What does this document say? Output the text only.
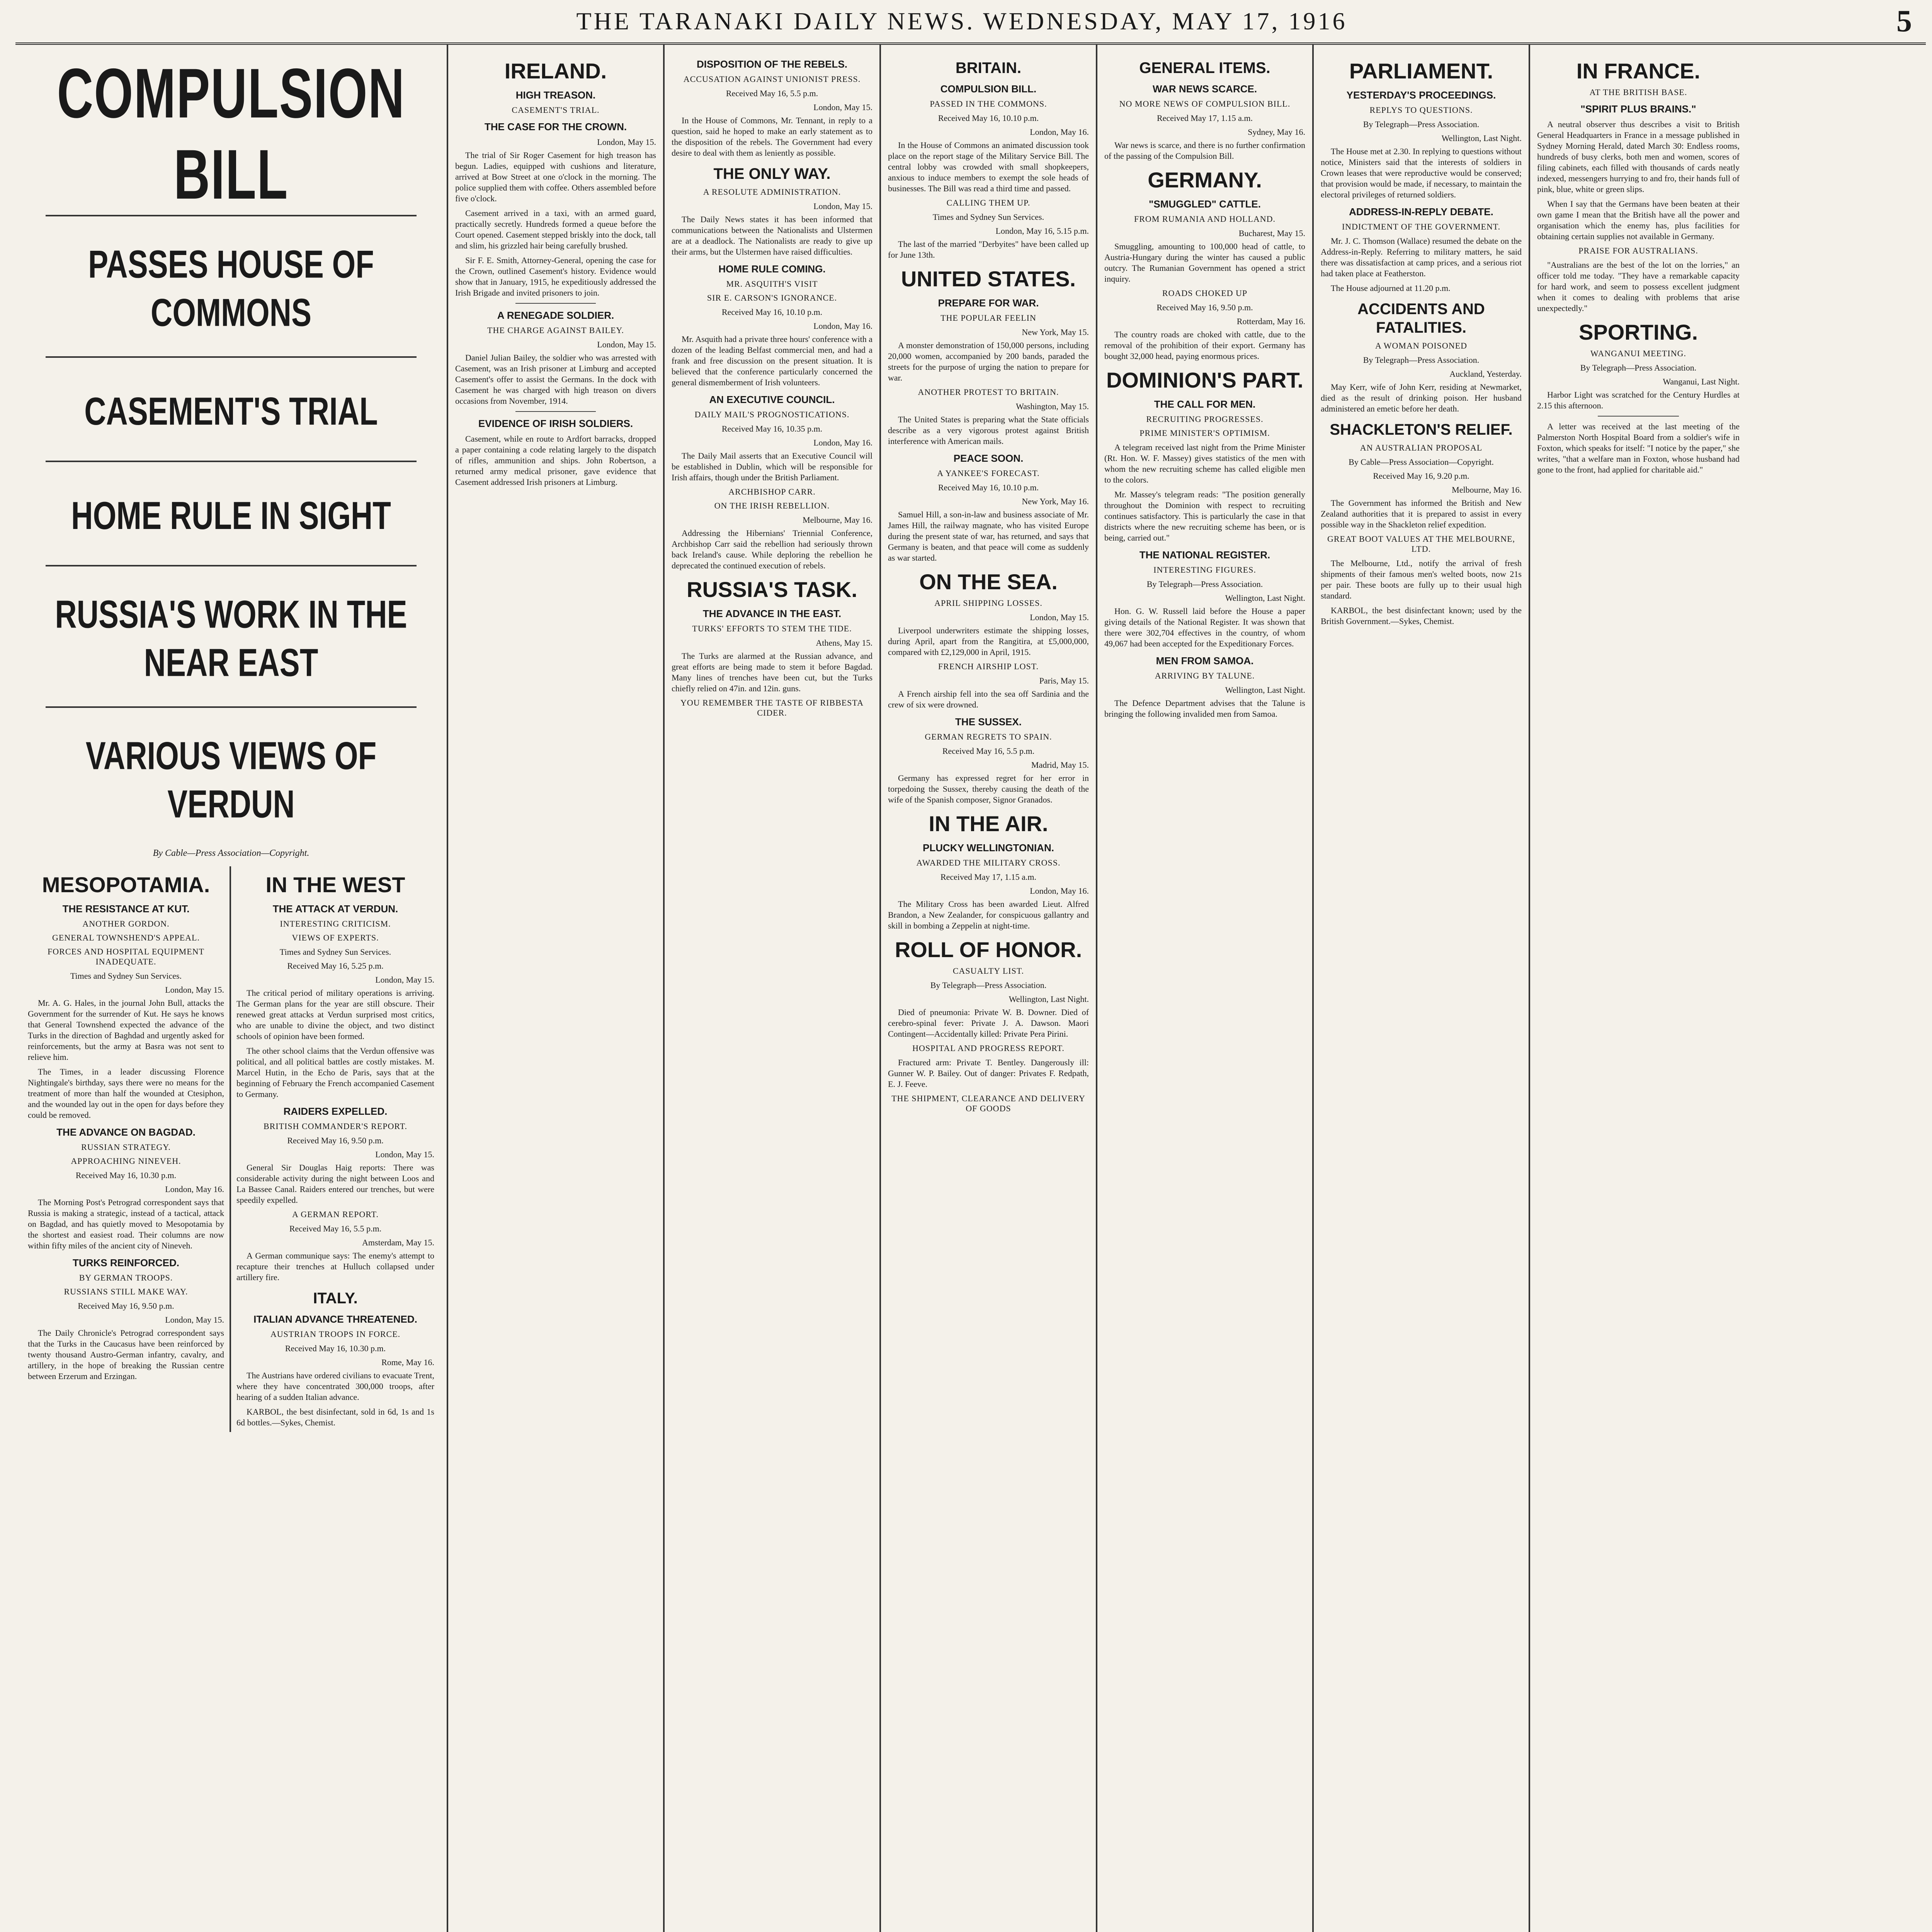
THE TARANAKI DAILY NEWS. WEDNESDAY, MAY 17, 1916	5
COMPULSION BILL
PASSES HOUSE OF COMMONS
CASEMENT'S TRIAL
HOME RULE IN SIGHT
RUSSIA'S WORK IN THE NEAR EAST
VARIOUS VIEWS OF VERDUN
By Cable—Press Association—Copyright.
MESOPOTAMIA.
THE RESISTANCE AT KUT.
ANOTHER GORDON.
GENERAL TOWNSHEND'S APPEAL.
FORCES AND HOSPITAL EQUIPMENT INADEQUATE.
Times and Sydney Sun Services.
London, May 15.

Mr. A. G. Hales, in the journal John Bull, attacks the Government for the surrender of Kut. He says he knows that General Townshend expected the advance of the Turks in the direction of Baghdad and urgently asked for reinforcements, but the army at Basra was not sent to relieve him.

The Times, in a leader discussing Florence Nightingale's birthday, says there were no means for the treatment of more than half the wounded at Ctesiphon, and the wounded lay out in the open for days before they could be removed.

THE ADVANCE ON BAGDAD.
RUSSIAN STRATEGY.
APPROACHING NINEVEH.
Received May 16, 10.30 p.m.
London, May 16.

The Morning Post's Petrograd correspondent says that Russia is making a strategic, instead of a tactical, attack on Bagdad, and has quietly moved to Mesopotamia by the shortest and easiest road. Their columns are now within fifty miles of the ancient city of Nineveh.

TURKS REINFORCED.
BY GERMAN TROOPS.
RUSSIANS STILL MAKE WAY.
Received May 16, 9.50 p.m.
London, May 15.

The Daily Chronicle's Petrograd correspondent says that the Turks in the Caucasus have been reinforced by twenty thousand Austro-German infantry, cavalry, and artillery, in the hope of breaking the Russian centre between Erzerum and Erzingan.

IN THE WEST
THE ATTACK AT VERDUN.
INTERESTING CRITICISM.
VIEWS OF EXPERTS.
Times and Sydney Sun Services.
Received May 16, 5.25 p.m.
London, May 15.

The critical period of military operations is arriving. The German plans for the year are still obscure. Their renewed great attacks at Verdun surprised most critics, who are unable to divine the object, and two distinct schools of opinion have been formed.

The other school claims that the Verdun offensive was political, and all political battles are costly mistakes. M. Marcel Hutin, in the Echo de Paris, says that at the beginning of February the French accompanied Casement to Germany.

RAIDERS EXPELLED.
BRITISH COMMANDER'S REPORT.
Received May 16, 9.50 p.m.
London, May 15.

General Sir Douglas Haig reports: There was considerable activity during the night between Loos and La Bassee Canal. Raiders entered our trenches, but were speedily expelled.

A GERMAN REPORT.
Received May 16, 5.5 p.m.
Amsterdam, May 15.

A German communique says: The enemy's attempt to recapture their trenches at Hulluch collapsed under artillery fire.

ITALY.
ITALIAN ADVANCE THREATENED.
AUSTRIAN TROOPS IN FORCE.
Received May 16, 10.30 p.m.
Rome, May 16.

The Austrians have ordered civilians to evacuate Trent, where they have concentrated 300,000 troops, after hearing of a sudden Italian advance.

KARBOL, the best disinfectant, sold in 6d, 1s and 1s 6d bottles.—Sykes, Chemist.

IRELAND.
HIGH TREASON.
CASEMENT'S TRIAL.
THE CASE FOR THE CROWN.
London, May 15.

The trial of Sir Roger Casement for high treason has begun. Ladies, equipped with cushions and literature, arrived at Bow Street at one o'clock in the morning. The police supplied them with coffee. Others assembled before five o'clock.

Casement arrived in a taxi, with an armed guard, practically secretly. Hundreds formed a queue before the Court opened. Casement stepped briskly into the dock, tall and slim, his grizzled hair being carefully brushed.

Sir F. E. Smith, Attorney-General, opening the case for the Crown, outlined Casement's history. Evidence would show that in January, 1915, he expeditiously addressed the Irish Brigade and invited prisoners to join.

A RENEGADE SOLDIER.
THE CHARGE AGAINST BAILEY.
London, May 15.

Daniel Julian Bailey, the soldier who was arrested with Casement, was an Irish prisoner at Limburg and accepted Casement's offer to assist the Germans. In the dock with Casement he was charged with high treason on divers occasions from November, 1914.

EVIDENCE OF IRISH SOLDIERS.

Casement, while en route to Ardfort barracks, dropped a paper containing a code relating largely to the dispatch of rifles, ammunition and ships. John Robertson, a returned army medical prisoner, gave evidence that Casement addressed Irish prisoners at Limburg.

DISPOSITION OF THE REBELS.
ACCUSATION AGAINST UNIONIST PRESS.
Received May 16, 5.5 p.m.
London, May 15.

In the House of Commons, Mr. Tennant, in reply to a question, said he hoped to make an early statement as to the disposition of the rebels. The Government had every desire to deal with them as leniently as possible.

THE ONLY WAY.
A RESOLUTE ADMINISTRATION.
London, May 15.

The Daily News states it has been informed that communications between the Nationalists and Ulstermen are at a deadlock. The Nationalists are ready to give up their arms, but the Ulstermen have raised difficulties.

HOME RULE COMING.
MR. ASQUITH'S VISIT
SIR E. CARSON'S IGNORANCE.
Received May 16, 10.10 p.m.
London, May 16.

Mr. Asquith had a private three hours' conference with a dozen of the leading Belfast commercial men, and had a frank and free discussion on the present situation. It is believed that the conference particularly concerned the general dismemberment of Irish volunteers.

AN EXECUTIVE COUNCIL.
DAILY MAIL'S PROGNOSTICATIONS.
Received May 16, 10.35 p.m.
London, May 16.

The Daily Mail asserts that an Executive Council will be established in Dublin, which will be responsible for Irish affairs, though under the British Parliament.

ARCHBISHOP CARR.
ON THE IRISH REBELLION.
Melbourne, May 16.

Addressing the Hibernians' Triennial Conference, Archbishop Carr said the rebellion had seriously thrown back Ireland's cause. While deploring the rebellion he deprecated the continued execution of rebels.

RUSSIA'S TASK.
THE ADVANCE IN THE EAST.
TURKS' EFFORTS TO STEM THE TIDE.
Athens, May 15.

The Turks are alarmed at the Russian advance, and great efforts are being made to stem it before Bagdad. Many lines of trenches have been cut, but the Turks chiefly relied on 47in. and 12in. guns.

YOU REMEMBER THE TASTE OF RIBBESTA CIDER.
BRITAIN.
COMPULSION BILL.
PASSED IN THE COMMONS.
Received May 16, 10.10 p.m.
London, May 16.

In the House of Commons an animated discussion took place on the report stage of the Military Service Bill. The central lobby was crowded with small shopkeepers, anxious to induce members to exempt the sole heads of businesses. The Bill was read a third time and passed.

CALLING THEM UP.
Times and Sydney Sun Services.
London, May 16, 5.15 p.m.

The last of the married "Derbyites" have been called up for June 13th.

UNITED STATES.
PREPARE FOR WAR.
THE POPULAR FEELIN
New York, May 15.

A monster demonstration of 150,000 persons, including 20,000 women, accompanied by 200 bands, paraded the streets for the purpose of urging the nation to prepare for war.

ANOTHER PROTEST TO BRITAIN.
Washington, May 15.

The United States is preparing what the State officials describe as a very vigorous protest against British interference with American mails.

PEACE SOON.
A YANKEE'S FORECAST.
Received May 16, 10.10 p.m.
New York, May 16.

Samuel Hill, a son-in-law and business associate of Mr. James Hill, the railway magnate, who has visited Europe during the present state of war, has returned, and says that Germany is beaten, and that peace will come as suddenly as war started.

ON THE SEA.
APRIL SHIPPING LOSSES.
London, May 15.

Liverpool underwriters estimate the shipping losses, during April, apart from the Rangitira, at £5,000,000, compared with £2,129,000 in April, 1915.

FRENCH AIRSHIP LOST.
Paris, May 15.

A French airship fell into the sea off Sardinia and the crew of six were drowned.

THE SUSSEX.
GERMAN REGRETS TO SPAIN.
Received May 16, 5.5 p.m.
Madrid, May 15.

Germany has expressed regret for her error in torpedoing the Sussex, thereby causing the death of the wife of the Spanish composer, Signor Granados.

IN THE AIR.
PLUCKY WELLINGTONIAN.
AWARDED THE MILITARY CROSS.
Received May 17, 1.15 a.m.
London, May 16.

The Military Cross has been awarded Lieut. Alfred Brandon, a New Zealander, for conspicuous gallantry and skill in bombing a Zeppelin at night-time.

ROLL OF HONOR.
CASUALTY LIST.
By Telegraph—Press Association.
Wellington, Last Night.

Died of pneumonia: Private W. B. Downer. Died of cerebro-spinal fever: Private J. A. Dawson. Maori Contingent—Accidentally killed: Private Pera Pirini.

HOSPITAL AND PROGRESS REPORT.

Fractured arm: Private T. Bentley. Dangerously ill: Gunner W. P. Bailey. Out of danger: Privates F. Redpath, E. J. Feeve.

THE SHIPMENT, CLEARANCE AND DELIVERY OF GOODS
GENERAL ITEMS.
WAR NEWS SCARCE.
NO MORE NEWS OF COMPULSION BILL.
Received May 17, 1.15 a.m.
Sydney, May 16.

War news is scarce, and there is no further confirmation of the passing of the Compulsion Bill.

GERMANY.
"SMUGGLED" CATTLE.
FROM RUMANIA AND HOLLAND.
Bucharest, May 15.

Smuggling, amounting to 100,000 head of cattle, to Austria-Hungary during the winter has caused a public outcry. The Rumanian Government has opened a strict inquiry.

ROADS CHOKED UP
Received May 16, 9.50 p.m.
Rotterdam, May 16.

The country roads are choked with cattle, due to the removal of the prohibition of their export. Germany has bought 32,000 head, paying enormous prices.

DOMINION'S PART.
THE CALL FOR MEN.
RECRUITING PROGRESSES.
PRIME MINISTER'S OPTIMISM.

A telegram received last night from the Prime Minister (Rt. Hon. W. F. Massey) gives statistics of the men with whom the new recruiting scheme has called eligible men to the colors.

Mr. Massey's telegram reads: "The position generally throughout the Dominion with respect to recruiting continues satisfactory. This is particularly the case in that districts where the new recruiting scheme has been, or is being, carried out."

THE NATIONAL REGISTER.
INTERESTING FIGURES.
By Telegraph—Press Association.
Wellington, Last Night.

Hon. G. W. Russell laid before the House a paper giving details of the National Register. It was shown that there were 302,704 effectives in the country, of whom 49,067 had been accepted for the Expeditionary Forces.

MEN FROM SAMOA.
ARRIVING BY TALUNE.
Wellington, Last Night.

The Defence Department advises that the Talune is bringing the following invalided men from Samoa.

PARLIAMENT.
YESTERDAY'S PROCEEDINGS.
REPLYS TO QUESTIONS.
By Telegraph—Press Association.
Wellington, Last Night.

The House met at 2.30. In replying to questions without notice, Ministers said that the interests of soldiers in Crown leases that were reproductive would be conserved; that provision would be made, if necessary, to maintain the electoral privileges of returned soldiers.

ADDRESS-IN-REPLY DEBATE.
INDICTMENT OF THE GOVERNMENT.

Mr. J. C. Thomson (Wallace) resumed the debate on the Address-in-Reply. Referring to military matters, he said there was dissatisfaction at camp prices, and a serious riot had taken place at Featherston.

The House adjourned at 11.20 p.m.

ACCIDENTS AND FATALITIES.
A WOMAN POISONED
By Telegraph—Press Association.
Auckland, Yesterday.

May Kerr, wife of John Kerr, residing at Newmarket, died as the result of drinking poison. Her husband administered an emetic before her death.

SHACKLETON'S RELIEF.
AN AUSTRALIAN PROPOSAL
By Cable—Press Association—Copyright.
Received May 16, 9.20 p.m.
Melbourne, May 16.

The Government has informed the British and New Zealand authorities that it is prepared to assist in every possible way in the Shackleton relief expedition.

GREAT BOOT VALUES AT THE MELBOURNE, LTD.

The Melbourne, Ltd., notify the arrival of fresh shipments of their famous men's welted boots, now 21s per pair. These boots are fully up to their usual high standard.

KARBOL, the best disinfectant known; used by the British Government.—Sykes, Chemist.

IN FRANCE.
AT THE BRITISH BASE.
"SPIRIT PLUS BRAINS."

A neutral observer thus describes a visit to British General Headquarters in France in a message published in Sydney Morning Herald, dated March 30: Endless rooms, hundreds of busy clerks, both men and women, scores of filing cabinets, each filled with thousands of cards neatly indexed, messengers hurrying to and fro, their hands full of pink, blue, white or green slips.

When I say that the Germans have been beaten at their own game I mean that the British have all the power and organisation which the enemy has, plus facilities for obtaining certain supplies not available in Germany.

PRAISE FOR AUSTRALIANS.

"Australians are the best of the lot on the lorries," an officer told me today. "They have a remarkable capacity for hard work, and seem to possess excellent judgment when it comes to dealing with problems that arise unexpectedly."

SPORTING.
WANGANUI MEETING.
By Telegraph—Press Association.
Wanganui, Last Night.

Harbor Light was scratched for the Century Hurdles at 2.15 this afternoon.

A letter was received at the last meeting of the Palmerston North Hospital Board from a soldier's wife in Foxton, which speaks for itself: "I notice by the paper," she writes, "that a welfare man in Foxton, whose husband had gone to the front, had applied for charitable aid."
